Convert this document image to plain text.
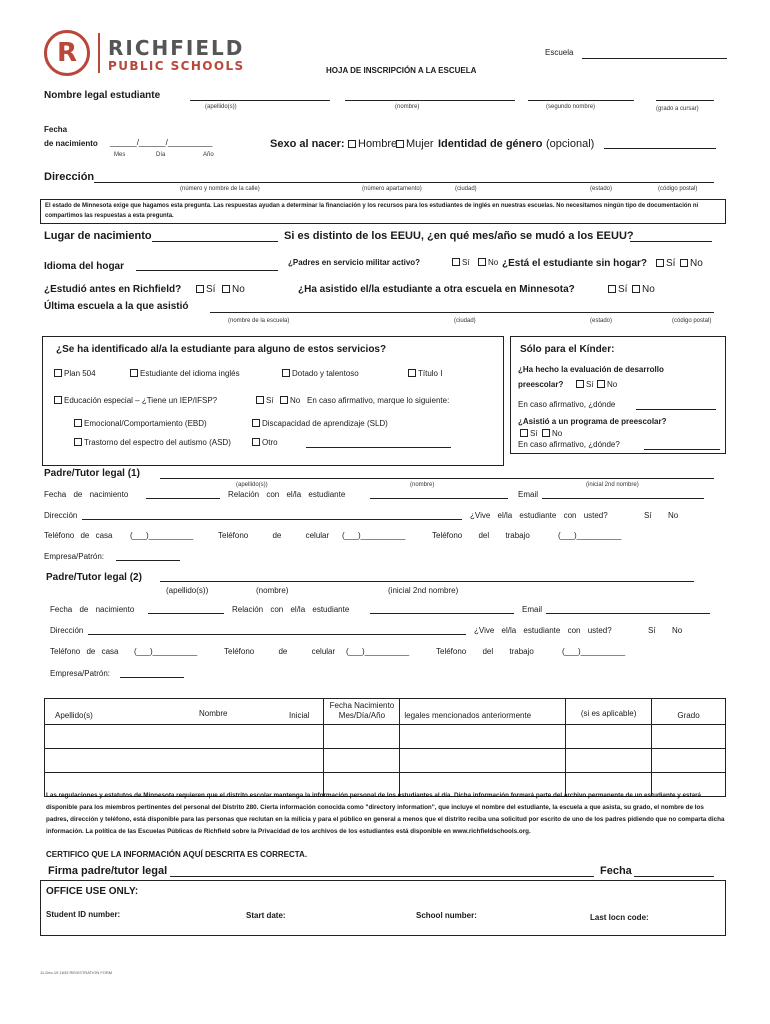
R RICHFIELD
PUBLIC SCHOOLS
Escuela
HOJA DE INSCRIPCIÓN A LA ESCUELA
Nombre legal estudiante
(apellido(s))	(nombre)	(segundo nombre)	(grado a cursar)
Fecha
de nacimiento ______/______/__________
Mes	Día	Año
Sexo al nacer:	Hombre Mujer Identidad de género (opcional)
Dirección
(número y nombre de la calle)	(número apartamento)	(ciudad)	(estado)	(código postal)
El estado de Minnesota exige que hagamos esta pregunta. Las respuestas ayudan a determinar la financiación y los recursos para los estudiantes de inglés en nuestras escuelas. No necesitamos ningún tipo de documentación ni compartimos las respuestas a esta pregunta.
Lugar de nacimiento	Si es distinto de los EEUU, ¿en qué mes/año se mudó a los EEUU?
Idioma del hogar	¿Padres en servicio militar activo?	Sí	No ¿Está el estudiante sin hogar?	Sí	No
¿Estudió antes en Richfield?	Sí	No	¿Ha asistido el/la estudiante a otra escuela en Minnesota?	Sí	No
Última escuela a la que asistió
(nombre de la escuela)	(ciudad)	(estado)	(código postal)
¿Se ha identificado al/a la estudiante para alguno de estos servicios?
Plan 504	Estudiante del idioma inglés	Dotado y talentoso	Título I
Educación especial – ¿Tiene un IEP/IFSP?	Sí	No En caso afirmativo, marque lo siguiente:
Emocional/Comportamiento (EBD)	Discapacidad de aprendizaje (SLD)
Trastorno del espectro del autismo (ASD)	Otro
Sólo para el Kínder:
¿Ha hecho la evaluación de desarrollo
preescolar?	Sí	No
En caso afirmativo, ¿dónde
¿Asistió a un programa de preescolar?
Sí	No
En caso afirmativo, ¿dónde?
Padre/Tutor legal (1)
(apellido(s))	(nombre)	(inicial 2nd nombre)
Fecha de nacimiento	Relación con el/la estudiante	Email
Dirección	¿Vive el/la estudiante con usted?	Sí No
Teléfono de casa (___)__________	Teléfono de celular (___)__________	Teléfono del trabajo	(___)__________
Empresa/Patrón:
Padre/Tutor legal (2)
(apellido(s))	(nombre)	(inicial 2nd nombre)
Fecha de nacimiento	Relación con el/la estudiante	Email
Dirección	¿Vive el/la estudiante con usted?	Sí No
Teléfono de casa (___)__________	Teléfono de celular (___)__________	Teléfono del trabajo	(___)__________
Empresa/Patrón:
Apellido(s) Nombre Inicial	Fecha Nacimiento Mes/Día/Año	legales mencionados anteriormente	(si es aplicable)	Grado

Las regulaciones y estatutos de Minnesota requieren que el distrito escolar mantenga la información personal de los estudiantes al día. Dicha información formará parte del archivo permanente de un estudiante y estará disponible para los miembros pertinentes del personal del Distrito 280. Cierta información conocida como "directory information", que incluye el nombre del estudiante, la escuela a que asista, su grado, el nombre de los padres, dirección y teléfono, está disponible para las personas que reclutan en la milicia y para el público en general a menos que el distrito reciba una solicitud por escrito de uno de los padres pidiendo que no comparta dicha información. La política de las Escuelas Públicas de Richfield sobre la Privacidad de los archivos de los estudiantes está disponible en www.richfieldschools.org.
CERTIFICO QUE LA INFORMACIÓN AQUÍ DESCRITA ES CORRECTA.
Firma padre/tutor legal	Fecha
OFFICE USE ONLY:
Student ID number:	Start date:	School number:	Last locn code:
11-Dec-19 1633 REGISTRATION FORM
